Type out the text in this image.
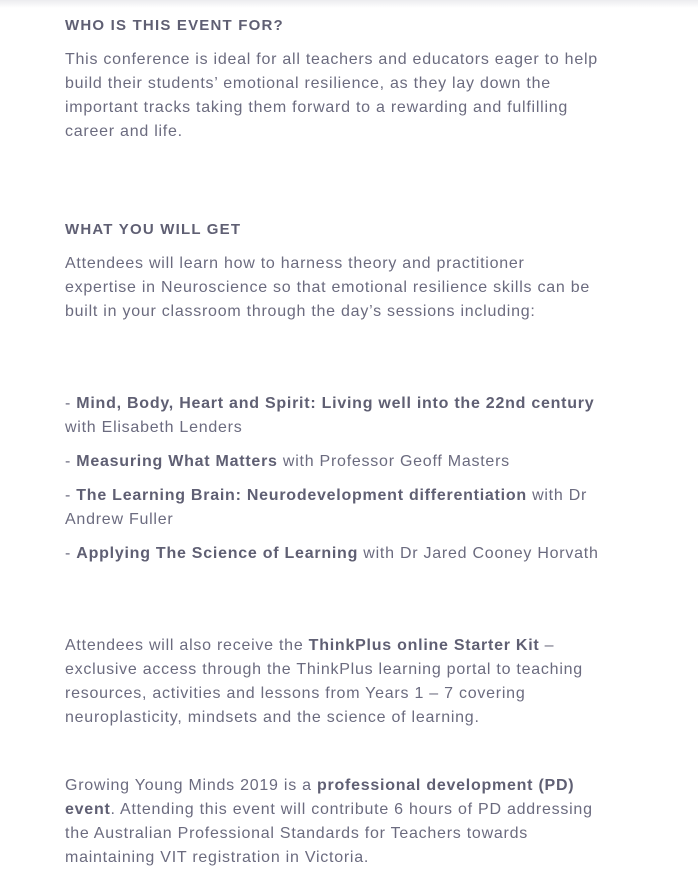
WHO IS THIS EVENT FOR?

This conference is ideal for all teachers and educators eager to help build their students’ emotional resilience, as they lay down the important tracks taking them forward to a rewarding and fulfilling career and life.

WHAT YOU WILL GET

Attendees will learn how to harness theory and practitioner expertise in Neuroscience so that emotional resilience skills can be built in your classroom through the day’s sessions including:

- Mind, Body, Heart and Spirit: Living well into the 22nd century with Elisabeth Lenders

- Measuring What Matters with Professor Geoff Masters

- The Learning Brain: Neurodevelopment differentiation with Dr Andrew Fuller

- Applying The Science of Learning with Dr Jared Cooney Horvath

Attendees will also receive the ThinkPlus online Starter Kit – exclusive access through the ThinkPlus learning portal to teaching resources, activities and lessons from Years 1 – 7 covering neuroplasticity, mindsets and the science of learning.

Growing Young Minds 2019 is a professional development (PD) event. Attending this event will contribute 6 hours of PD addressing the Australian Professional Standards for Teachers towards maintaining VIT registration in Victoria.
